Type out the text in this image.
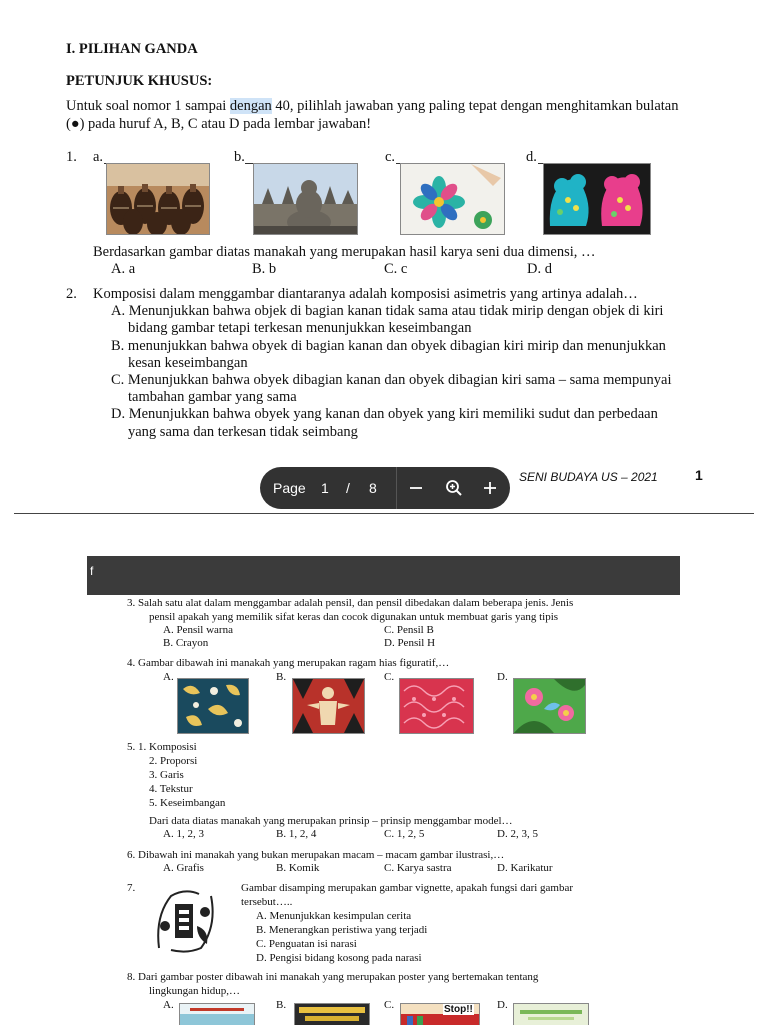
I. PILIHAN GANDA
PETUNJUK KHUSUS:
Untuk soal nomor 1 sampai dengan 40, pilihlah jawaban yang paling tepat dengan menghitamkan bulatan
(●) pada huruf A, B, C atau D pada lembar jawaban!
1. a.	b.	c.	d.
Berdasarkan gambar diatas manakah yang merupakan hasil karya seni dua dimensi, …
A. a	B. b	C. c	D. d
2. Komposisi dalam menggambar diantaranya adalah komposisi asimetris yang artinya adalah…
A. Menunjukkan bahwa objek di bagian kanan tidak sama atau tidak mirip dengan objek di kiri
bidang gambar tetapi terkesan menunjukkan keseimbangan
B. menunjukkan bahwa obyek di bagian kanan dan obyek dibagian kiri mirip dan menunjukkan
kesan keseimbangan
C. Menunjukkan bahwa obyek dibagian kanan dan obyek dibagian kiri sama – sama mempunyai
tambahan gambar yang sama
D. Menunjukkan bahwa obyek yang kanan dan obyek yang kiri memiliki sudut dan perbedaan
yang sama dan terkesan tidak seimbang
SENI BUDAYA US – 2021	1
Page 1 / 8
f
3. Salah satu alat dalam menggambar adalah pensil, dan pensil dibedakan dalam beberapa jenis. Jenis
pensil apakah yang memilik sifat keras dan cocok digunakan untuk membuat garis yang tipis
A. Pensil warna	C. Pensil B
B. Crayon	D. Pensil H
4. Gambar dibawah ini manakah yang merupakan ragam hias figuratif,…
A.	B.	C.	D.
5. 1. Komposisi
2. Proporsi
3. Garis
4. Tekstur
5. Keseimbangan
Dari data diatas manakah yang merupakan prinsip – prinsip menggambar model…
A. 1, 2, 3	B. 1, 2, 4	C. 1, 2, 5	D. 2, 3, 5
6. Dibawah ini manakah yang bukan merupakan macam – macam gambar ilustrasi,…
A. Grafis	B. Komik	C. Karya sastra	D. Karikatur
7.	Gambar disamping merupakan gambar vignette, apakah fungsi dari gambar
tersebut…..
A. Menunjukkan kesimpulan cerita
B. Menerangkan peristiwa yang terjadi
C. Penguatan isi narasi
D. Pengisi bidang kosong pada narasi
8. Dari gambar poster dibawah ini manakah yang merupakan poster yang bertemakan tentang
lingkungan hidup,…
A.	B.	C.	D.
Stop!!
